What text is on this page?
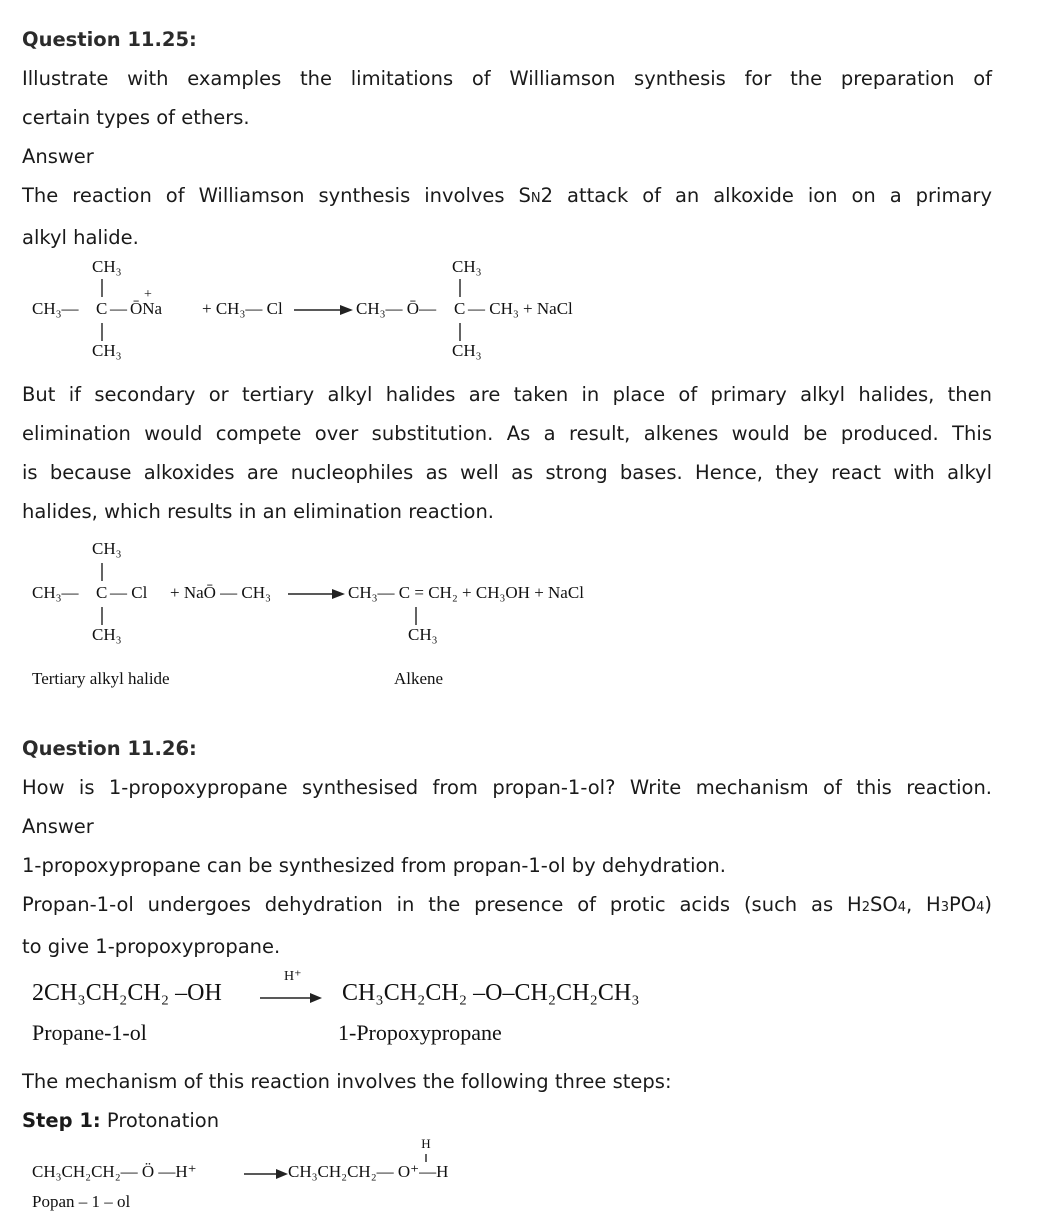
Question 11.25:
Illustrate with examples the limitations of Williamson synthesis for the preparation of
certain types of ethers.
Answer
The reaction of Williamson synthesis involves SN2 attack of an alkoxide ion on a primary
alkyl halide.
CH₃	CH₃
CH₃— C — ŌNa
+
+ CH₃— Cl	CH₃— Ō— C — CH₃ + NaCl
CH₃	CH₃
But if secondary or tertiary alkyl halides are taken in place of primary alkyl halides, then
elimination would compete over substitution. As a result, alkenes would be produced. This
is because alkoxides are nucleophiles as well as strong bases. Hence, they react with alkyl
halides, which results in an elimination reaction.
CH₃
CH₃— C — Cl + NaŌ — CH₃	CH₃— C = CH₂ + CH₃OH + NaCl
CH₃	CH₃
Tertiary alkyl halide	Alkene
Question 11.26:
How is 1-propoxypropane synthesised from propan-1-ol? Write mechanism of this reaction.
Answer
1-propoxypropane can be synthesized from propan-1-ol by dehydration.
Propan-1-ol undergoes dehydration in the presence of protic acids (such as H2SO4, H3PO4)
to give 1-propoxypropane.
2CH₃CH₂CH₂ –OH
H⁺
CH₃CH₂CH₂ –O–CH₂CH₂CH₃
Propane-1-ol	1-Propoxypropane
The mechanism of this reaction involves the following three steps:
Step 1: Protonation
H
CH₃CH₂CH₂— Ö —H⁺	CH₃CH₂CH₂— O⁺—H
Popan – 1 – ol
